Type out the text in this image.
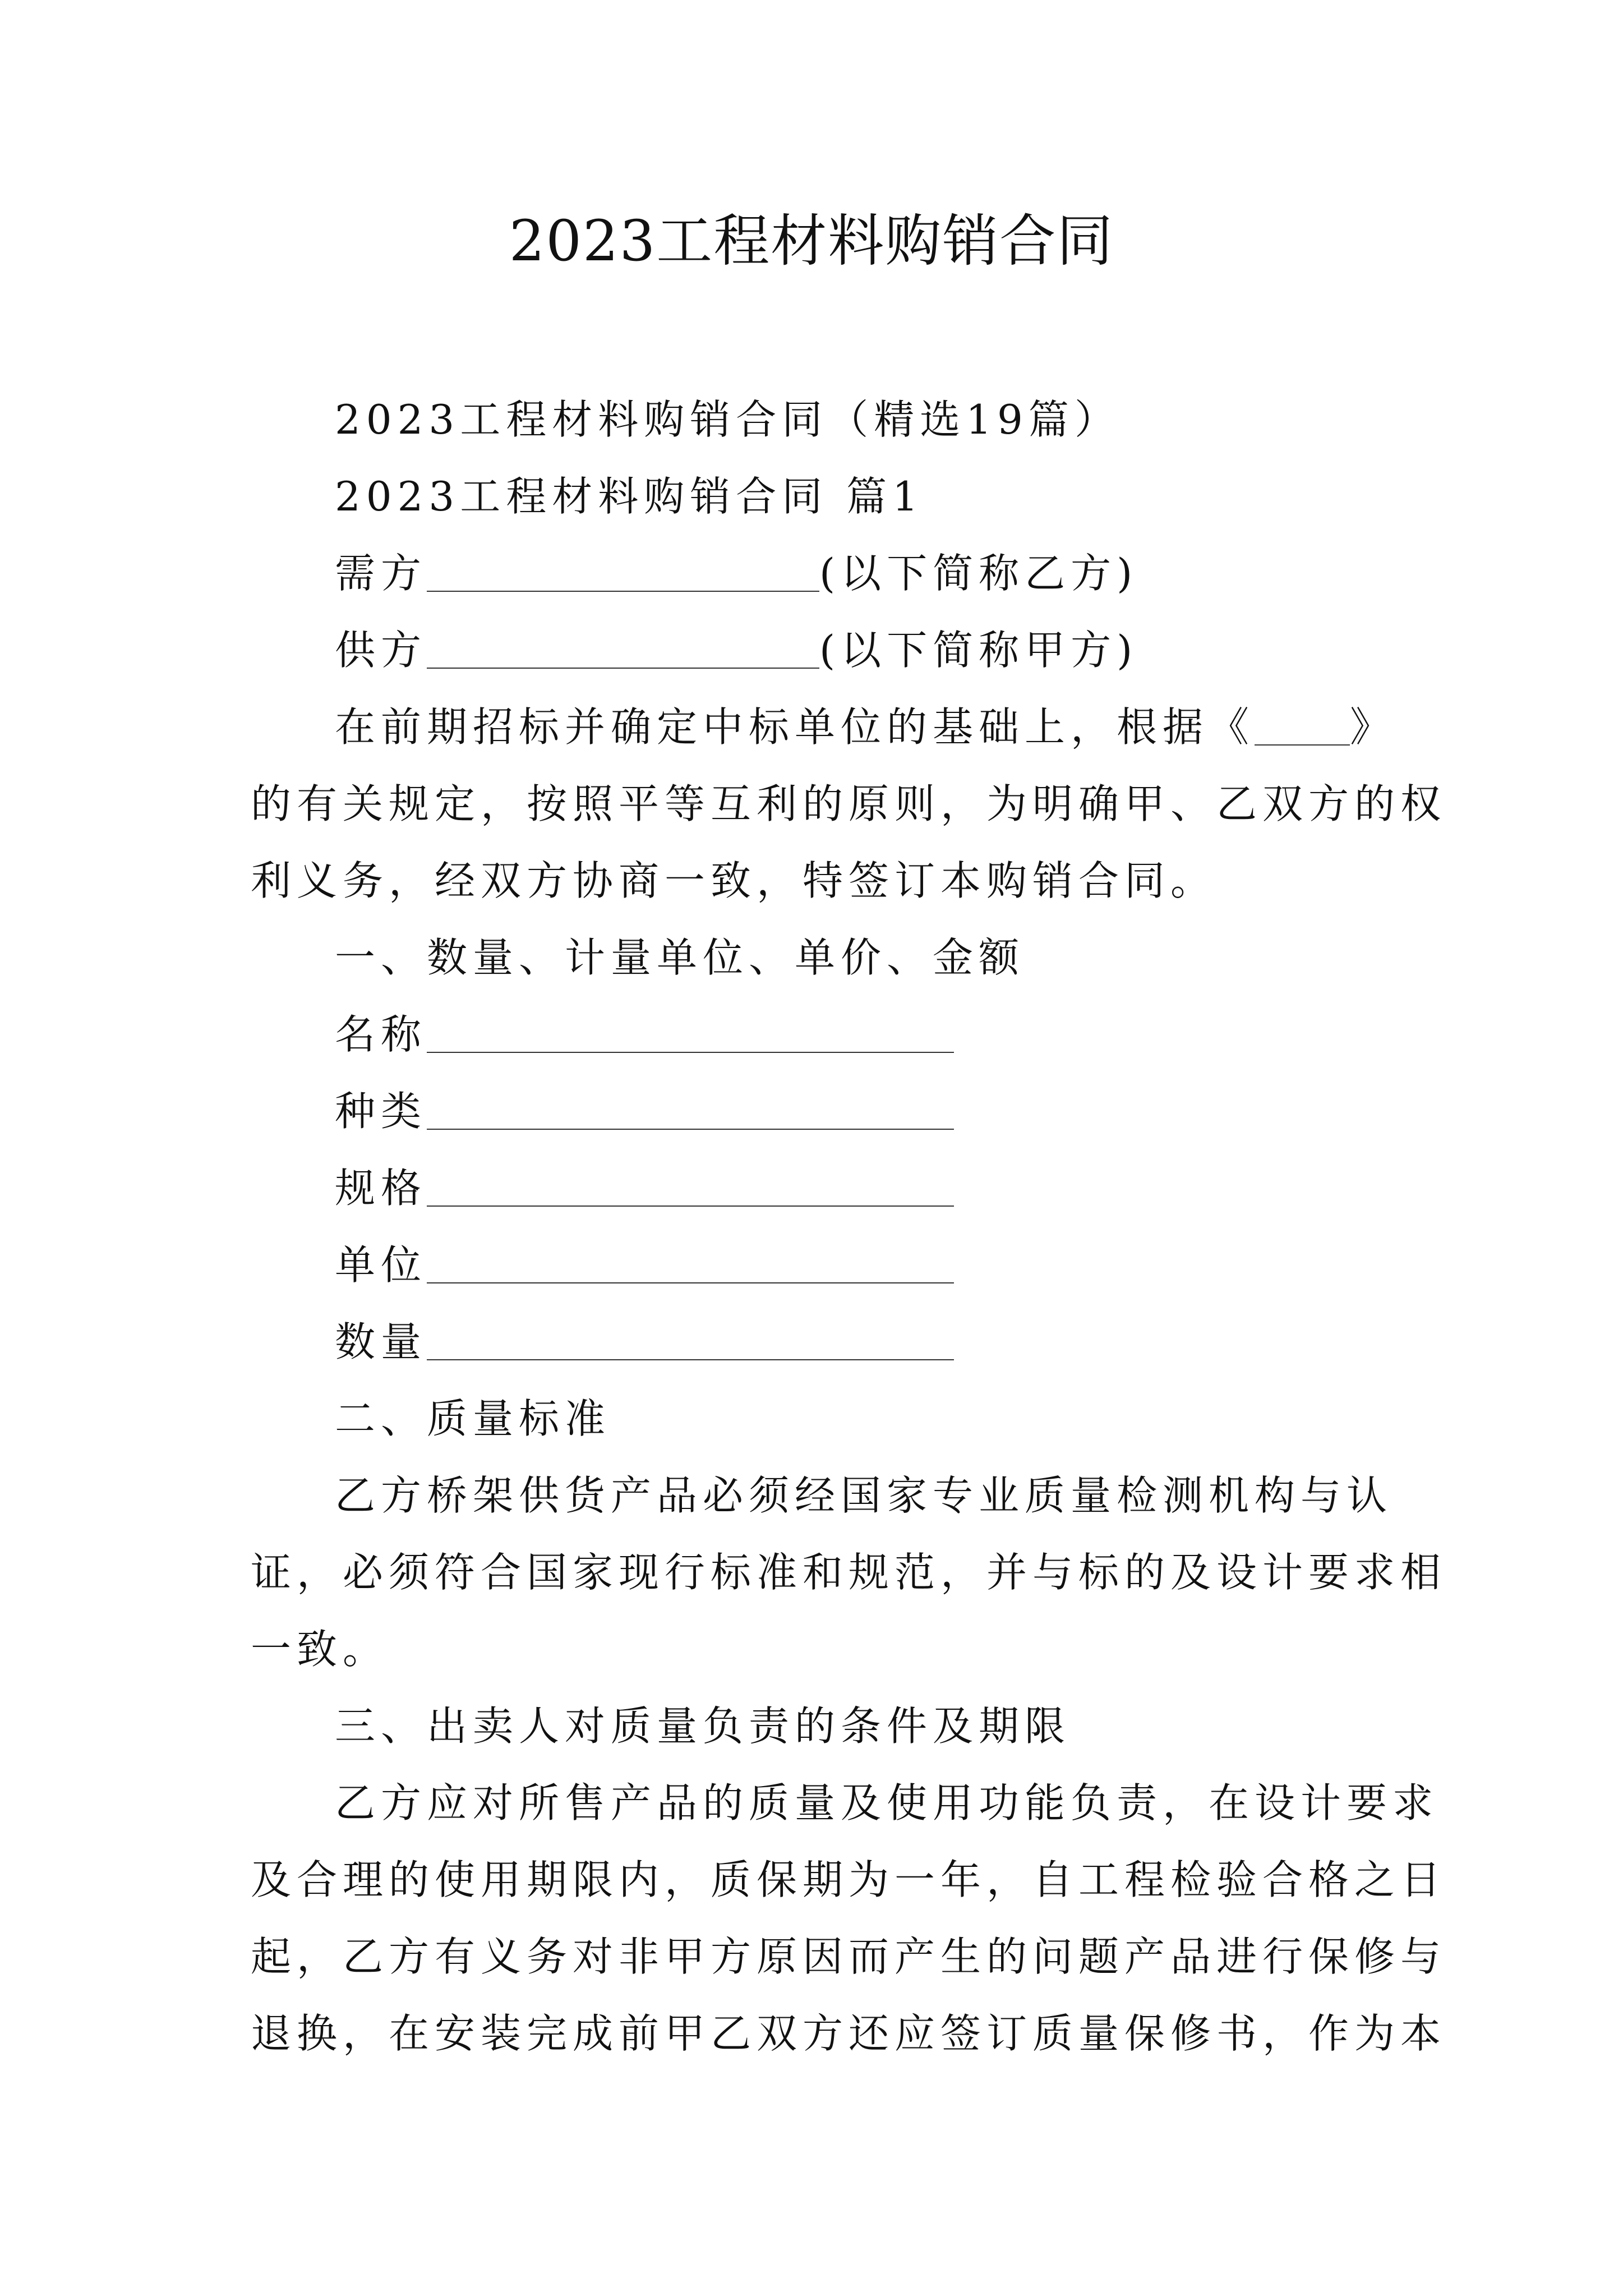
2023工程材料购销合同
2023工程材料购销合同（精选19篇）
2023工程材料购销合同 篇1
需方	(以下简称乙方)
供方	(以下简称甲方)
在前期招标并确定中标单位的基础上，根据《 》
的有关规定，按照平等互利的原则，为明确甲、乙双方的权
利义务，经双方协商一致，特签订本购销合同。
一、数量、计量单位、单价、金额
名称
种类
规格
单位
数量
二、质量标准
乙方桥架供货产品必须经国家专业质量检测机构与认
证，必须符合国家现行标准和规范，并与标的及设计要求相
一致。
三、出卖人对质量负责的条件及期限
乙方应对所售产品的质量及使用功能负责，在设计要求
及合理的使用期限内，质保期为一年，自工程检验合格之日
起，乙方有义务对非甲方原因而产生的问题产品进行保修与
退换，在安装完成前甲乙双方还应签订质量保修书，作为本
